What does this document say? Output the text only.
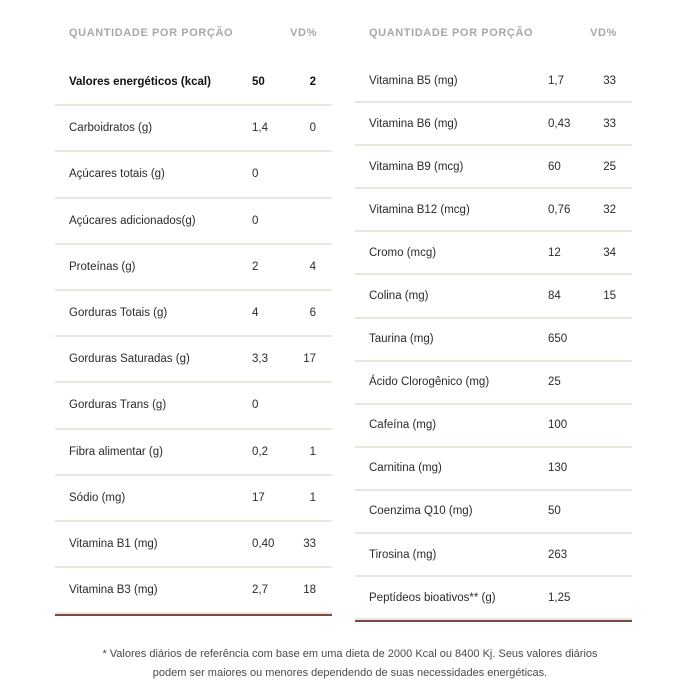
QUANTIDADE POR PORÇÃO	VD%
Valores energéticos (kcal)	50	2
Carboidratos (g)	1,4	0
Açúcares totais (g)	0
Açúcares adicionados(g)	0
Proteínas (g)	2	4
Gorduras Totais (g)	4	6
Gorduras Saturadas (g)	3,3	17
Gorduras Trans (g)	0
Fibra alimentar (g)	0,2	1
Sódio (mg)	17	1
Vitamina B1 (mg)	0,40	33
Vitamina B3 (mg)	2,7	18
QUANTIDADE POR PORÇÃO	VD%
Vitamina B5 (mg)	1,7	33
Vitamina B6 (mg)	0,43	33
Vitamina B9 (mcg)	60	25
Vitamina B12 (mcg)	0,76	32
Cromo (mcg)	12	34
Colina (mg)	84	15
Taurina (mg)	650
Ácido Clorogênico (mg)	25
Cafeína (mg)	100
Carnitina (mg)	130
Coenzima Q10 (mg)	50
Tirosina (mg)	263
Peptídeos bioativos** (g)	1,25
* Valores diários de referência com base em uma dieta de 2000 Kcal ou 8400 Kj. Seus valores diários
podem ser maiores ou menores dependendo de suas necessidades energéticas.
